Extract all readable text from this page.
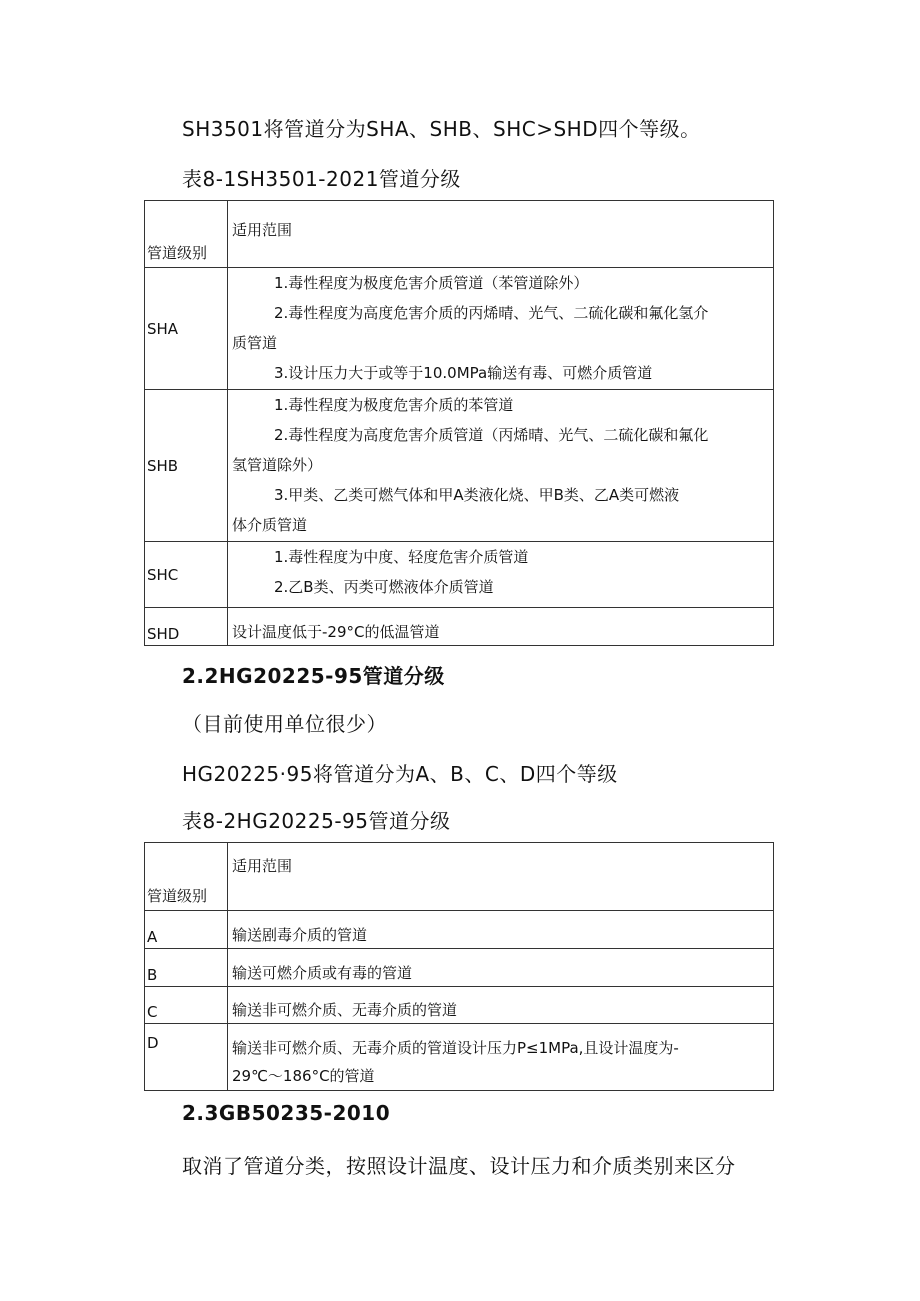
SH3501将管道分为SHA、SHB、SHC>SHD四个等级。
表8-1SH3501-2021管道分级
管道级别	适用范围
SHA	1.毒性程度为极度危害介质管道（苯管道除外）
2.毒性程度为高度危害介质的丙烯晴、光气、二硫化碳和氟化氢介
质管道
3.设计压力大于或等于10.0MPa输送有毒、可燃介质管道

SHB	1.毒性程度为极度危害介质的苯管道
2.毒性程度为高度危害介质管道（丙烯晴、光气、二硫化碳和氟化
氢管道除外）
3.甲类、乙类可燃气体和甲A类液化烧、甲B类、乙A类可燃液
体介质管道

SHC	1.毒性程度为中度、轻度危害介质管道
2.乙B类、丙类可燃液体介质管道

SHD	设计温度低于-29°C的低温管道
2.2HG20225-95管道分级
（目前使用单位很少）
HG20225·95将管道分为A、B、C、D四个等级
表8-2HG20225-95管道分级
管道级别	适用范围
A	输送剧毒介质的管道

B	输送可燃介质或有毒的管道

C	输送非可燃介质、无毒介质的管道

D	输送非可燃介质、无毒介质的管道设计压力P≤1MPa,且设计温度为-
29℃～186°C的管道
2.3GB50235-2010
取消了管道分类，按照设计温度、设计压力和介质类别来区分
